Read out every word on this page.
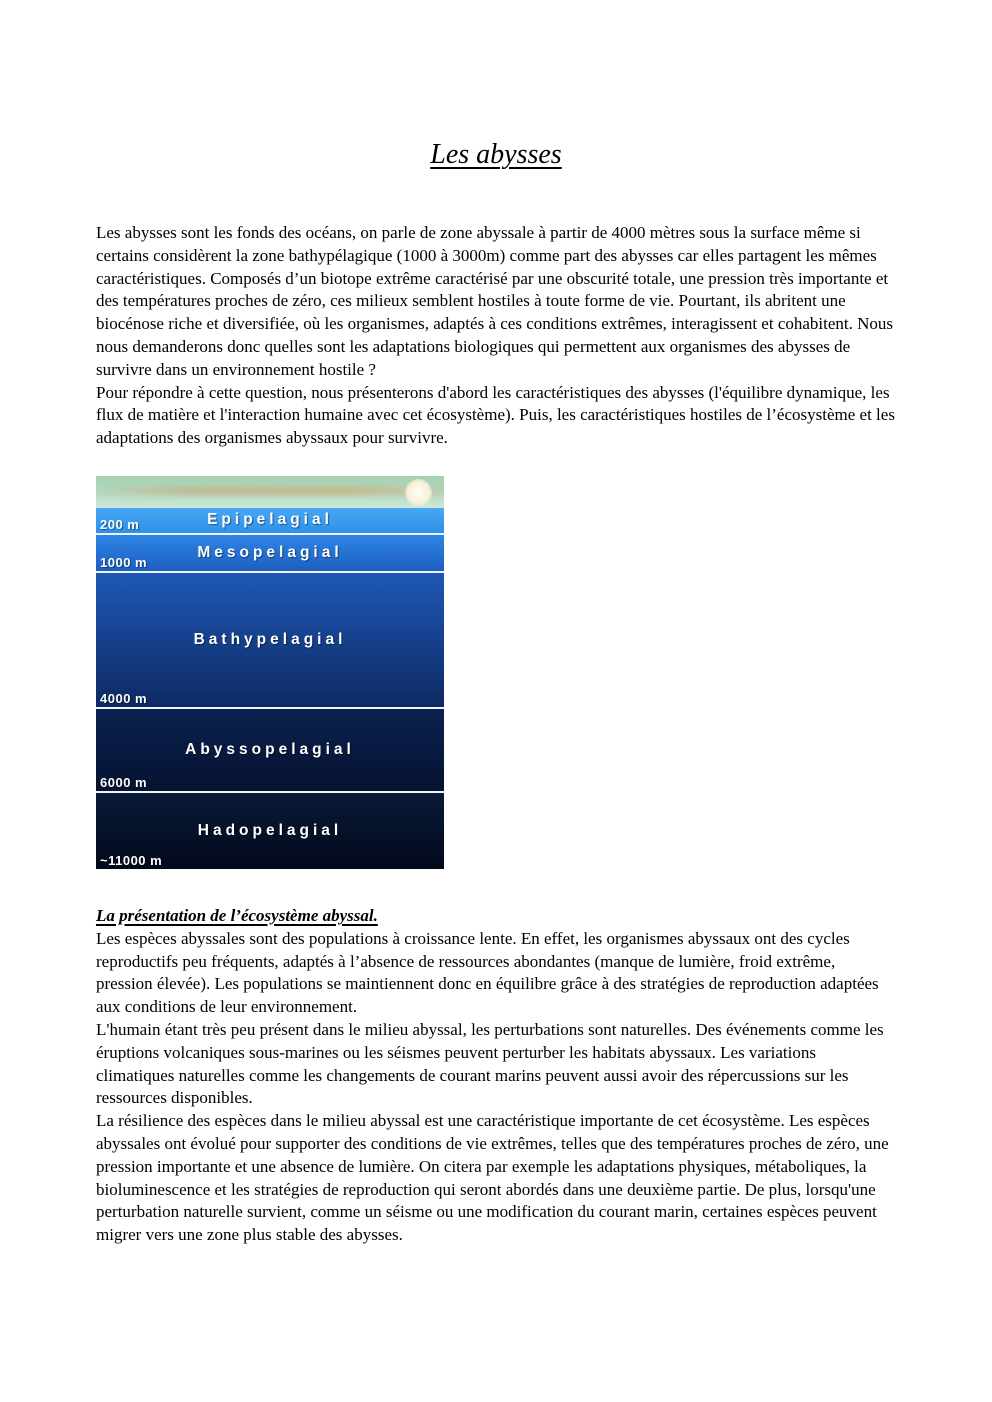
Les abysses

Les abysses sont les fonds des océans, on parle de zone abyssale à partir de 4000 mètres sous la surface même si certains considèrent la zone bathypélagique (1000 à 3000m) comme part des abysses car elles partagent les mêmes caractéristiques. Composés d’un biotope extrême caractérisé par une obscurité totale, une pression très importante et des températures proches de zéro, ces milieux semblent hostiles à toute forme de vie. Pourtant, ils abritent une biocénose riche et diversifiée, où les organismes, adaptés à ces conditions extrêmes, interagissent et cohabitent. Nous nous demanderons donc quelles sont les adaptations biologiques qui permettent aux organismes des abysses de survivre dans un environnement hostile ?

Pour répondre à cette question, nous présenterons d'abord les caractéristiques des abysses (l'équilibre dynamique, les flux de matière et l'interaction humaine avec cet écosystème). Puis, les caractéristiques hostiles de l’écosystème et les adaptations des organismes abyssaux pour survivre.

Epipelagial
200 m
Mesopelagial
1000 m
Bathypelagial
4000 m
Abyssopelagial
6000 m
Hadopelagial
~11000 m
La présentation de l’écosystème abyssal.

Les espèces abyssales sont des populations à croissance lente. En effet, les organismes abyssaux ont des cycles reproductifs peu fréquents, adaptés à l’absence de ressources abondantes (manque de lumière, froid extrême, pression élevée). Les populations se maintiennent donc en équilibre grâce à des stratégies de reproduction adaptées aux conditions de leur environnement.

L'humain étant très peu présent dans le milieu abyssal, les perturbations sont naturelles. Des événements comme les éruptions volcaniques sous-marines ou les séismes peuvent perturber les habitats abyssaux. Les variations climatiques naturelles comme les changements de courant marins peuvent aussi avoir des répercussions sur les ressources disponibles.

La résilience des espèces dans le milieu abyssal est une caractéristique importante de cet écosystème. Les espèces abyssales ont évolué pour supporter des conditions de vie extrêmes, telles que des températures proches de zéro, une pression importante et une absence de lumière. On citera par exemple les adaptations physiques, métaboliques, la bioluminescence et les stratégies de reproduction qui seront abordés dans une deuxième partie. De plus, lorsqu'une perturbation naturelle survient, comme un séisme ou une modification du courant marin, certaines espèces peuvent migrer vers une zone plus stable des abysses.
